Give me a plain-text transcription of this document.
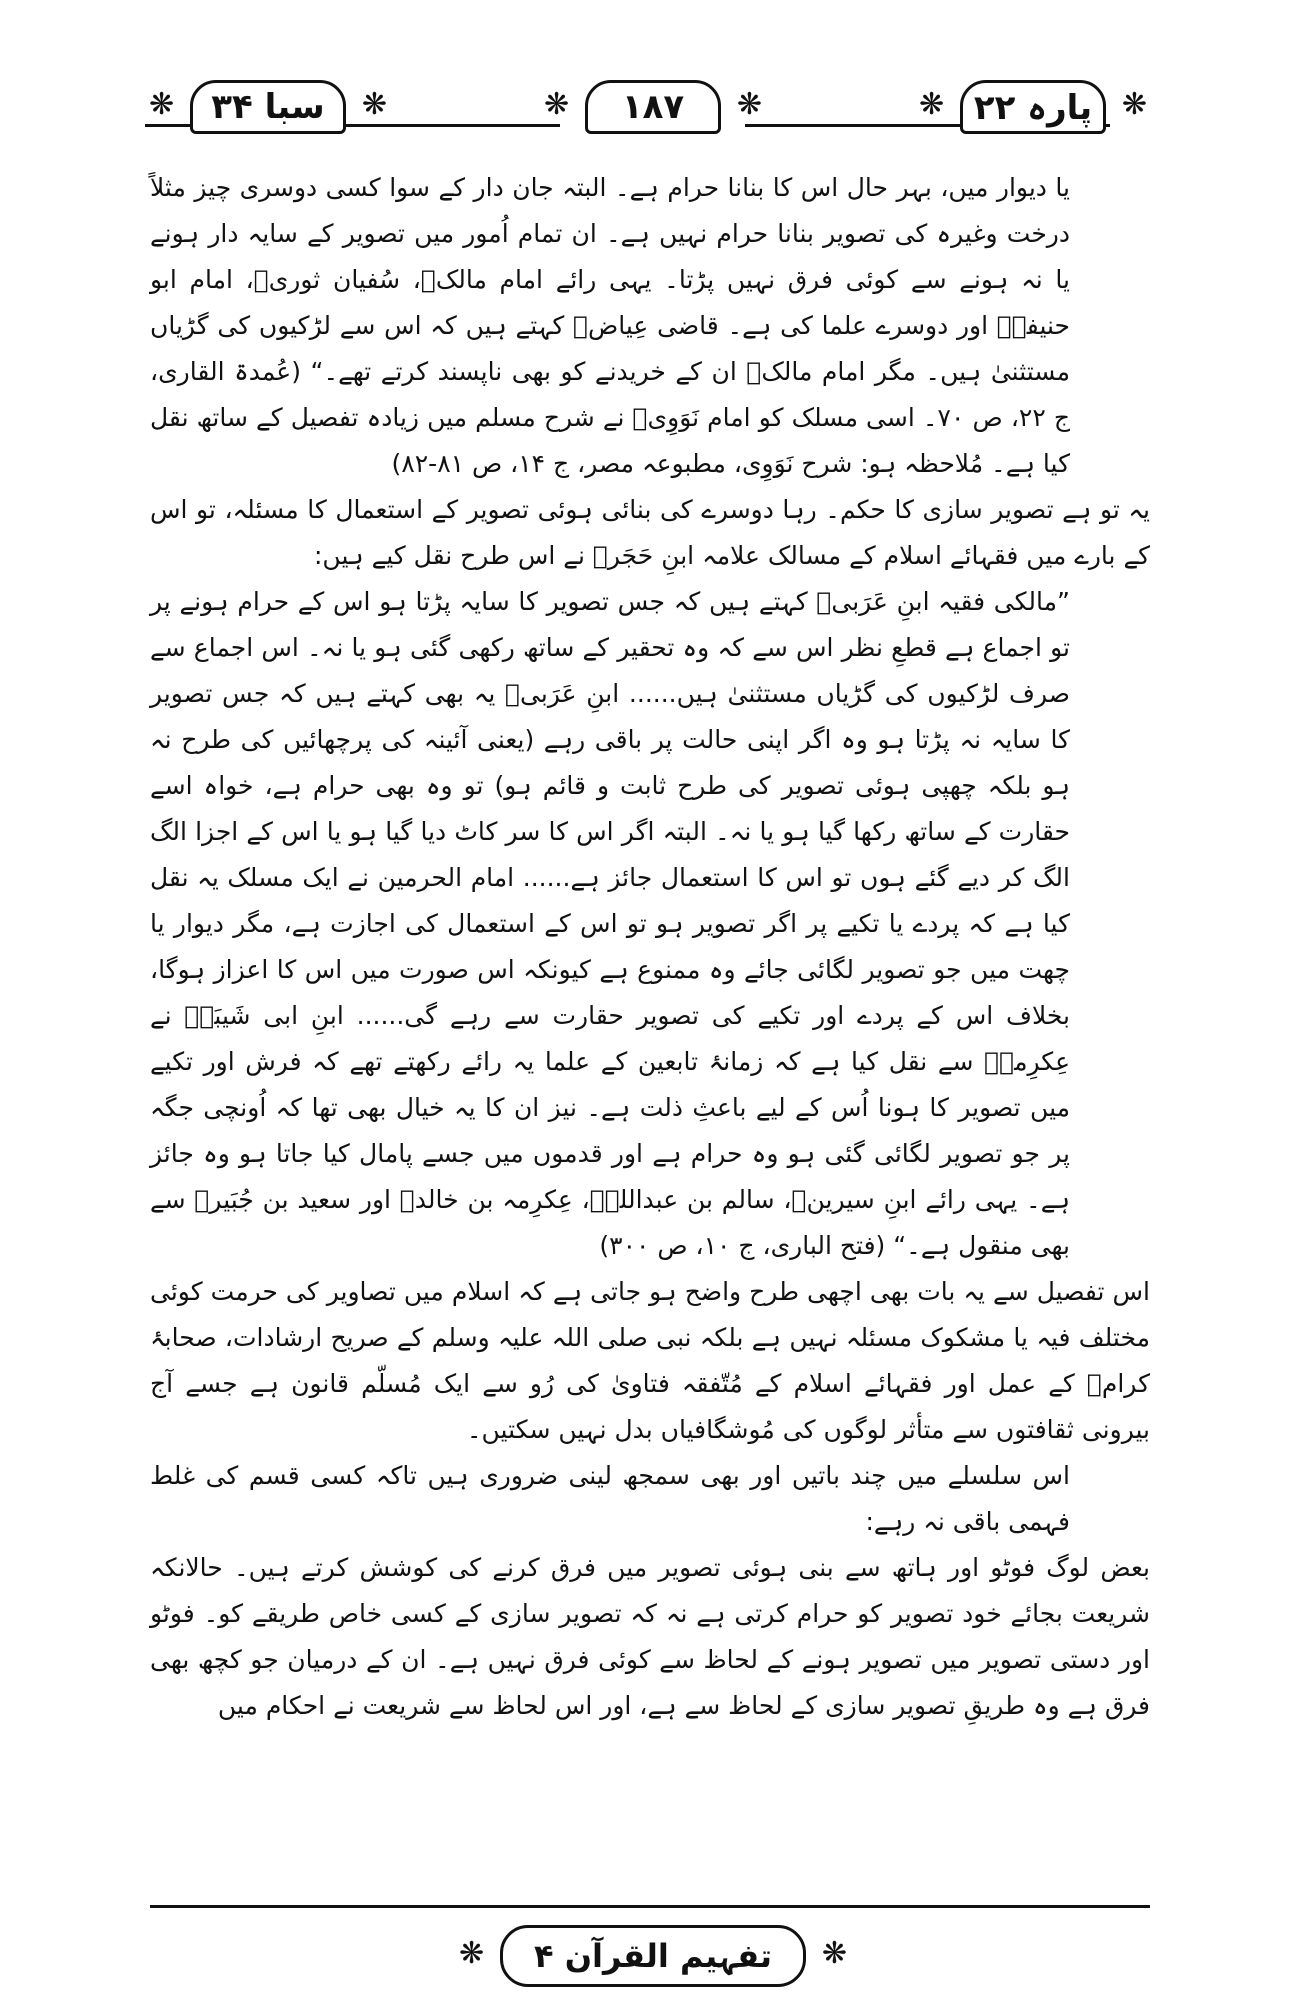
❋ سبا ۳۴ ❋	❋ ۱۸۷ ❋	❋ پارہ ۲۲ ❋

یا دیوار میں، بہر حال اس کا بنانا حرام ہے۔ البتہ جان دار کے سوا کسی دوسری چیز مثلاً درخت وغیرہ کی تصویر بنانا حرام نہیں ہے۔ ان تمام اُمور میں تصویر کے سایہ دار ہونے یا نہ ہونے سے کوئی فرق نہیں پڑتا۔ یہی رائے امام مالکؒ، سُفیان ثوریؒ، امام ابو حنیفہؒ اور دوسرے علما کی ہے۔ قاضی عِیاضؒ کہتے ہیں کہ اس سے لڑکیوں کی گڑیاں مستثنیٰ ہیں۔ مگر امام مالکؒ ان کے خریدنے کو بھی ناپسند کرتے تھے۔“ (عُمدۃ القاری، ج ۲۲، ص ۷۰۔ اسی مسلک کو امام نَوَوِیؒ نے شرح مسلم میں زیادہ تفصیل کے ساتھ نقل کیا ہے۔ مُلاحظہ ہو: شرح نَوَوِی، مطبوعہ مصر، ج ۱۴، ص ۸۱-۸۲)

یہ تو ہے تصویر سازی کا حکم۔ رہا دوسرے کی بنائی ہوئی تصویر کے استعمال کا مسئلہ، تو اس کے بارے میں فقہائے اسلام کے مسالک علامہ ابنِ حَجَرؒ نے اس طرح نقل کیے ہیں:

”مالکی فقیہ ابنِ عَرَبیؒ کہتے ہیں کہ جس تصویر کا سایہ پڑتا ہو اس کے حرام ہونے پر تو اجماع ہے قطعِ نظر اس سے کہ وہ تحقیر کے ساتھ رکھی گئی ہو یا نہ۔ اس اجماع سے صرف لڑکیوں کی گڑیاں مستثنیٰ ہیں...... ابنِ عَرَبیؒ یہ بھی کہتے ہیں کہ جس تصویر کا سایہ نہ پڑتا ہو وہ اگر اپنی حالت پر باقی رہے (یعنی آئینہ کی پرچھائیں کی طرح نہ ہو بلکہ چھپی ہوئی تصویر کی طرح ثابت و قائم ہو) تو وہ بھی حرام ہے، خواہ اسے حقارت کے ساتھ رکھا گیا ہو یا نہ۔ البتہ اگر اس کا سر کاٹ دیا گیا ہو یا اس کے اجزا الگ الگ کر دیے گئے ہوں تو اس کا استعمال جائز ہے...... امام الحرمین نے ایک مسلک یہ نقل کیا ہے کہ پردے یا تکیے پر اگر تصویر ہو تو اس کے استعمال کی اجازت ہے، مگر دیوار یا چھت میں جو تصویر لگائی جائے وہ ممنوع ہے کیونکہ اس صورت میں اس کا اعزاز ہوگا، بخلاف اس کے پردے اور تکیے کی تصویر حقارت سے رہے گی...... ابنِ ابی شَیبَہؒ نے عِکرِمہؒ سے نقل کیا ہے کہ زمانۂ تابعین کے علما یہ رائے رکھتے تھے کہ فرش اور تکیے میں تصویر کا ہونا اُس کے لیے باعثِ ذلت ہے۔ نیز ان کا یہ خیال بھی تھا کہ اُونچی جگہ پر جو تصویر لگائی گئی ہو وہ حرام ہے اور قدموں میں جسے پامال کیا جاتا ہو وہ جائز ہے۔ یہی رائے ابنِ سیرینؒ، سالم بن عبداللہؒ، عِکرِمہ بن خالدؒ اور سعید بن جُبَیرؒ سے بھی منقول ہے۔“ (فتح الباری، ج ۱۰، ص ۳۰۰)

اس تفصیل سے یہ بات بھی اچھی طرح واضح ہو جاتی ہے کہ اسلام میں تصاویر کی حرمت کوئی مختلف فیہ یا مشکوک مسئلہ نہیں ہے بلکہ نبی صلی اللہ علیہ وسلم کے صریح ارشادات، صحابۂ کرامؓ کے عمل اور فقہائے اسلام کے مُتّفقہ فتاویٰ کی رُو سے ایک مُسلّم قانون ہے جسے آج بیرونی ثقافتوں سے متأثر لوگوں کی مُوشگافیاں بدل نہیں سکتیں۔

اس سلسلے میں چند باتیں اور بھی سمجھ لینی ضروری ہیں تاکہ کسی قسم کی غلط فہمی باقی نہ رہے:

بعض لوگ فوٹو اور ہاتھ سے بنی ہوئی تصویر میں فرق کرنے کی کوشش کرتے ہیں۔ حالانکہ شریعت بجائے خود تصویر کو حرام کرتی ہے نہ کہ تصویر سازی کے کسی خاص طریقے کو۔ فوٹو اور دستی تصویر میں تصویر ہونے کے لحاظ سے کوئی فرق نہیں ہے۔ ان کے درمیان جو کچھ بھی فرق ہے وہ طریقِ تصویر سازی کے لحاظ سے ہے، اور اس لحاظ سے شریعت نے احکام میں

❋ تفہیم القرآن ۴ ❋
